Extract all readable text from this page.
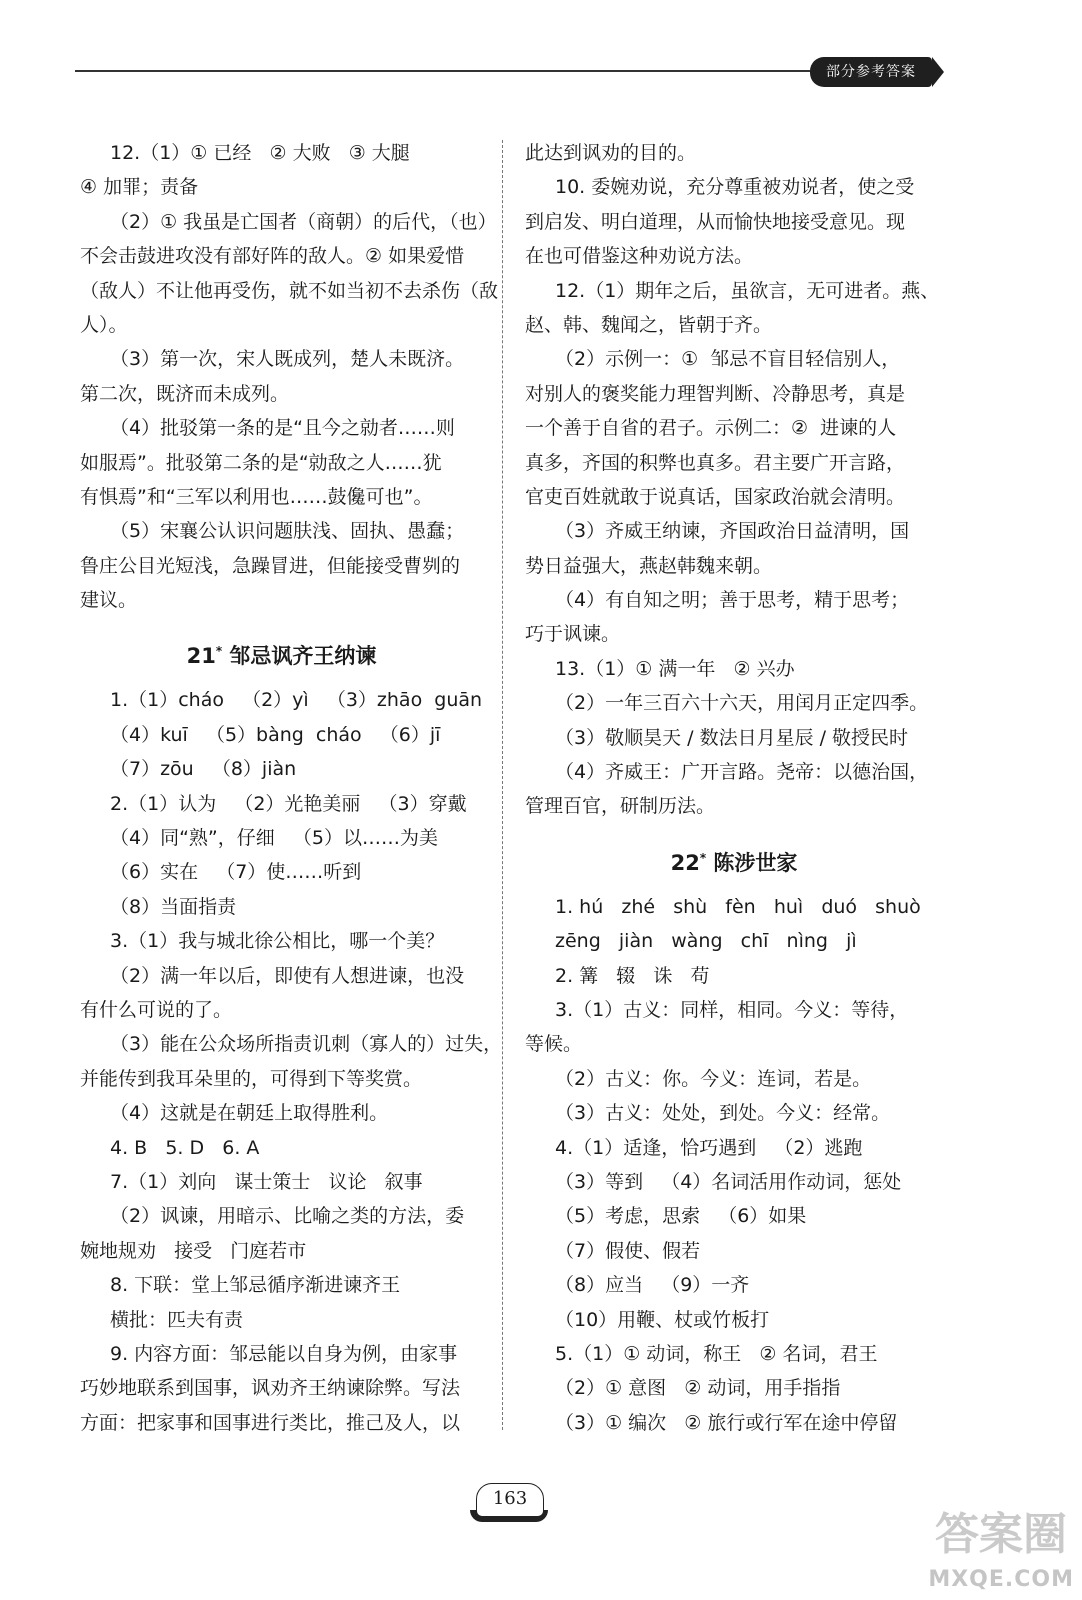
部分参考答案
12.（1）① 已经   ② 大败   ③ 大腿
④ 加罪；责备
（2）① 我虽是亡国者（商朝）的后代，（也）
不会击鼓进攻没有部好阵的敌人。② 如果爱惜
（敌人）不让他再受伤，就不如当初不去杀伤（敌
人）。
（3）第一次，宋人既成列，楚人未既济。
第二次，既济而未成列。
（4）批驳第一条的是“且今之勍者……则
如服焉”。批驳第二条的是“勍敌之人……犹
有惧焉”和“三军以利用也……鼓儳可也”。
（5）宋襄公认识问题肤浅、固执、愚蠢；
鲁庄公目光短浅，急躁冒进，但能接受曹刿的
建议。
21* 邹忌讽齐王纳谏
1.（1）cháo   （2）yì   （3）zhāo  guān
（4）kuī   （5）bàng  cháo   （6）jī
（7）zōu   （8）jiàn
2.（1）认为   （2）光艳美丽   （3）穿戴
（4）同“熟”，仔细   （5）以……为美
（6）实在   （7）使……听到
（8）当面指责
3.（1）我与城北徐公相比，哪一个美？
（2）满一年以后，即使有人想进谏，也没
有什么可说的了。
（3）能在公众场所指责讥刺（寡人的）过失，
并能传到我耳朵里的，可得到下等奖赏。
（4）这就是在朝廷上取得胜利。
4. B   5. D   6. A
7.（1）刘向   谋士策士   议论   叙事
（2）讽谏，用暗示、比喻之类的方法，委
婉地规劝   接受   门庭若市
8. 下联：堂上邹忌循序渐进谏齐王
横批：匹夫有责
9. 内容方面：邹忌能以自身为例，由家事
巧妙地联系到国事，讽劝齐王纳谏除弊。写法
方面：把家事和国事进行类比，推己及人，以
此达到讽劝的目的。
10. 委婉劝说，充分尊重被劝说者，使之受
到启发、明白道理，从而愉快地接受意见。现
在也可借鉴这种劝说方法。
12.（1）期年之后，虽欲言，无可进者。燕、
赵、韩、魏闻之，皆朝于齐。
（2）示例一：①  邹忌不盲目轻信别人，
对别人的褒奖能力理智判断、冷静思考，真是
一个善于自省的君子。示例二：②  进谏的人
真多，齐国的积弊也真多。君主要广开言路，
官吏百姓就敢于说真话，国家政治就会清明。
（3）齐威王纳谏，齐国政治日益清明，国
势日益强大，燕赵韩魏来朝。
（4）有自知之明；善于思考，精于思考；
巧于讽谏。
13.（1）① 满一年   ② 兴办
（2）一年三百六十六天，用闰月正定四季。
（3）敬顺昊天 / 数法日月星辰 / 敬授民时
（4）齐威王：广开言路。尧帝：以德治国，
管理百官，研制历法。
22* 陈涉世家
1. hú   zhé   shù   fèn   huì   duó   shuò
zēng   jiàn   wàng   chī   nìng   jì
2. 篝   辍   诛   苟
3.（1）古义：同样，相同。今义：等待，
等候。
（2）古义：你。今义：连词，若是。
（3）古义：处处，到处。今义：经常。
4.（1）适逢，恰巧遇到   （2）逃跑
（3）等到   （4）名词活用作动词，惩处
（5）考虑，思索   （6）如果
（7）假使、假若
（8）应当   （9）一齐
（10）用鞭、杖或竹板打
5.（1）① 动词，称王   ② 名词，君王
（2）① 意图   ② 动词，用手指指
（3）① 编次   ② 旅行或行军在途中停留
163
答案圈
MXQE.COM
